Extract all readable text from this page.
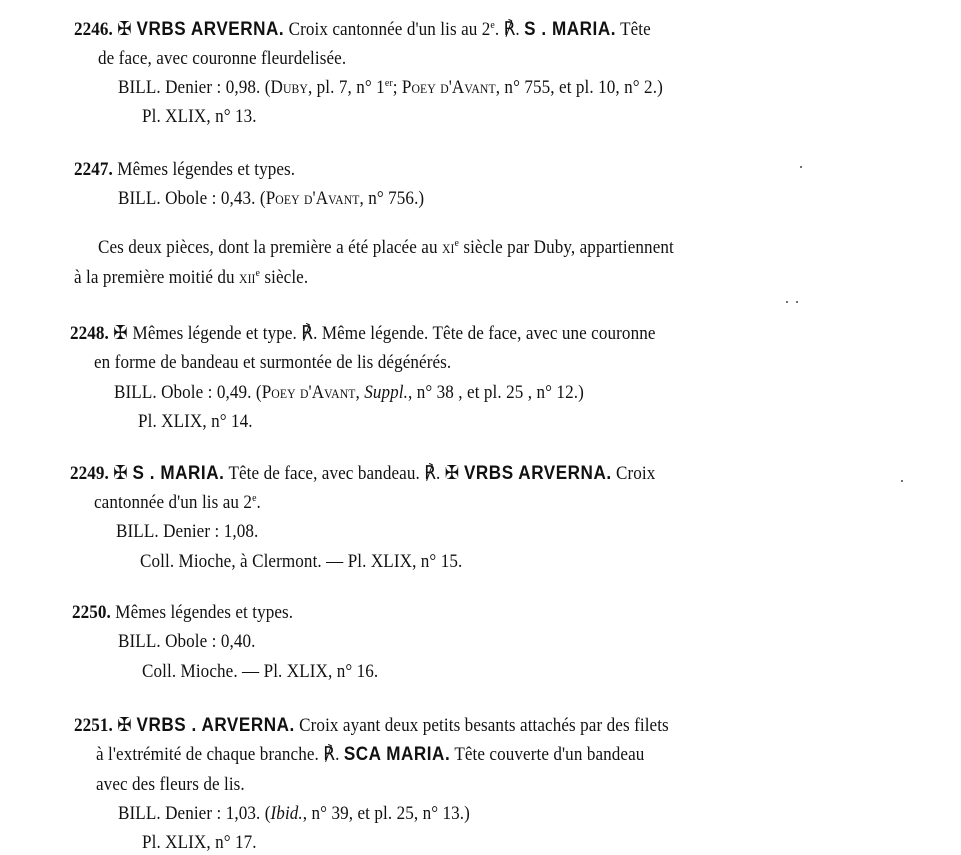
2246. ✠ VRBS ARVERNA. Croix cantonnée d'un lis au 2e. ℟. S . MARIA. Tête
de face, avec couronne fleurdelisée.
BILL. Denier : 0,98. (Duby, pl. 7, n° 1er; Poey d'Avant, n° 755, et pl. 10, n° 2.)
Pl. XLIX, n° 13.
2247. Mêmes légendes et types.
BILL. Obole : 0,43. (Poey d'Avant, n° 756.)
Ces deux pièces, dont la première a été placée au $xi^e$ siècle par Duby, appartiennent
à la première moitié du xii$^e$ siècle.
2248. ✠ Mêmes légende et type. ℟. Même légende. Tête de face, avec une couronne
en forme de bandeau et surmontée de lis dégénérés.
BILL. Obole : 0,49. (Poey d'Avant, Suppl., n° 38 , et pl. 25 , n° 12.)
Pl. XLIX, n° 14.
2249. ✠ S . MARIA. Tête de face, avec bandeau. ℟. ✠ VRBS ARVERNA. Croix
cantonnée d'un lis au 2e.
BILL. Denier : 1,08.
Coll. Mioche, à Clermont. — Pl. XLIX, n° 15.
2250. Mêmes légendes et types.
BILL. Obole : 0,40.
Coll. Mioche. — Pl. XLIX, n° 16.
2251. ✠ VRBS . ARVERNA. Croix ayant deux petits besants attachés par des filets
à l'extrémité de chaque branche. ℟. SCA MARIA. Tête couverte d'un bandeau
avec des fleurs de lis.
BILL. Denier : 1,03. (Ibid., n° 39, et pl. 25, n° 13.)
Pl. XLIX, n° 17.
